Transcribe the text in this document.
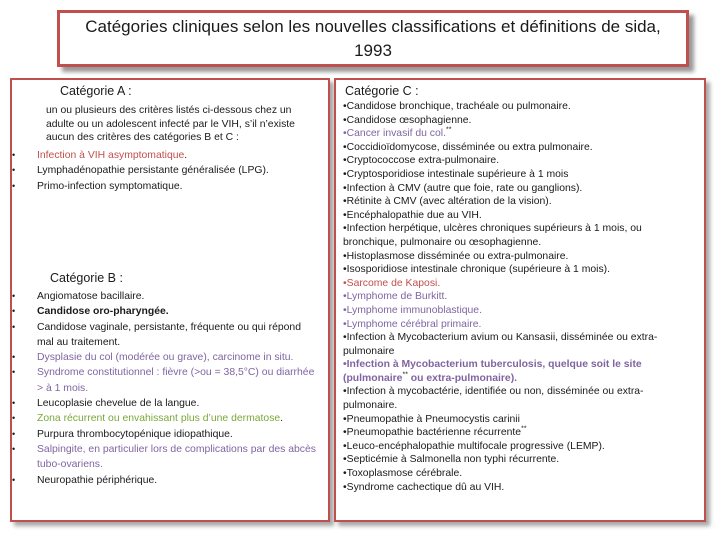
Catégories cliniques selon les nouvelles classifications et définitions de sida, 1993
Catégorie A :
un ou plusieurs des critères listés ci-dessous chez un adulte ou un adolescent infecté par le VIH, s’il n’existe aucun des critères des catégories B et C :
• Infection à VIH asymptomatique.
• Lymphadénopathie persistante généralisée (LPG).
• Primo-infection symptomatique.
Catégorie B :
• Angiomatose bacillaire.
• Candidose oro-pharyngée.
• Candidose vaginale, persistante, fréquente ou qui répond mal au traitement.
• Dysplasie du col (modérée ou grave), carcinome in situ.
• Syndrome constitutionnel : fièvre (>ou = 38,5°C) ou diarrhée > à 1 mois.
• Leucoplasie chevelue de la langue.
• Zona récurrent ou envahissant plus d’une dermatose.
• Purpura thrombocytopénique idiopathique.
• Salpingite, en particulier lors de complications par des abcès tubo-ovariens.
• Neuropathie périphérique.
Catégorie C :
•Candidose bronchique, trachéale ou pulmonaire.
•Candidose œsophagienne.
•Cancer invasif du col.**
•Coccidioïdomycose, disséminée ou extra pulmonaire.
•Cryptococcose extra-pulmonaire.
•Cryptosporidiose intestinale supérieure à 1 mois
•Infection à CMV (autre que foie, rate ou ganglions).
•Rétinite à CMV (avec altération de la vision).
•Encéphalopathie due au VIH.
•Infection herpétique, ulcères chroniques supérieurs à 1 mois, ou bronchique, pulmonaire ou œsophagienne.
•Histoplasmose disséminée ou extra-pulmonaire.
•Isosporidiose intestinale chronique (supérieure à 1 mois).
•Sarcome de Kaposi.
•Lymphome de Burkitt.
•Lymphome immunoblastique.
•Lymphome cérébral primaire.
•Infection à Mycobacterium avium ou Kansasii, disséminée ou extra-pulmonaire
•Infection à Mycobacterium tuberculosis, quelque soit le site (pulmonaire** ou extra-pulmonaire).
•Infection à mycobactérie, identifiée ou non, disséminée ou extra-pulmonaire.
•Pneumopathie à Pneumocystis carinii
•Pneumopathie bactérienne récurrente**
•Leuco-encéphalopathie multifocale progressive (LEMP).
•Septicémie à Salmonella non typhi récurrente.
•Toxoplasmose cérébrale.
•Syndrome cachectique dû au VIH.
